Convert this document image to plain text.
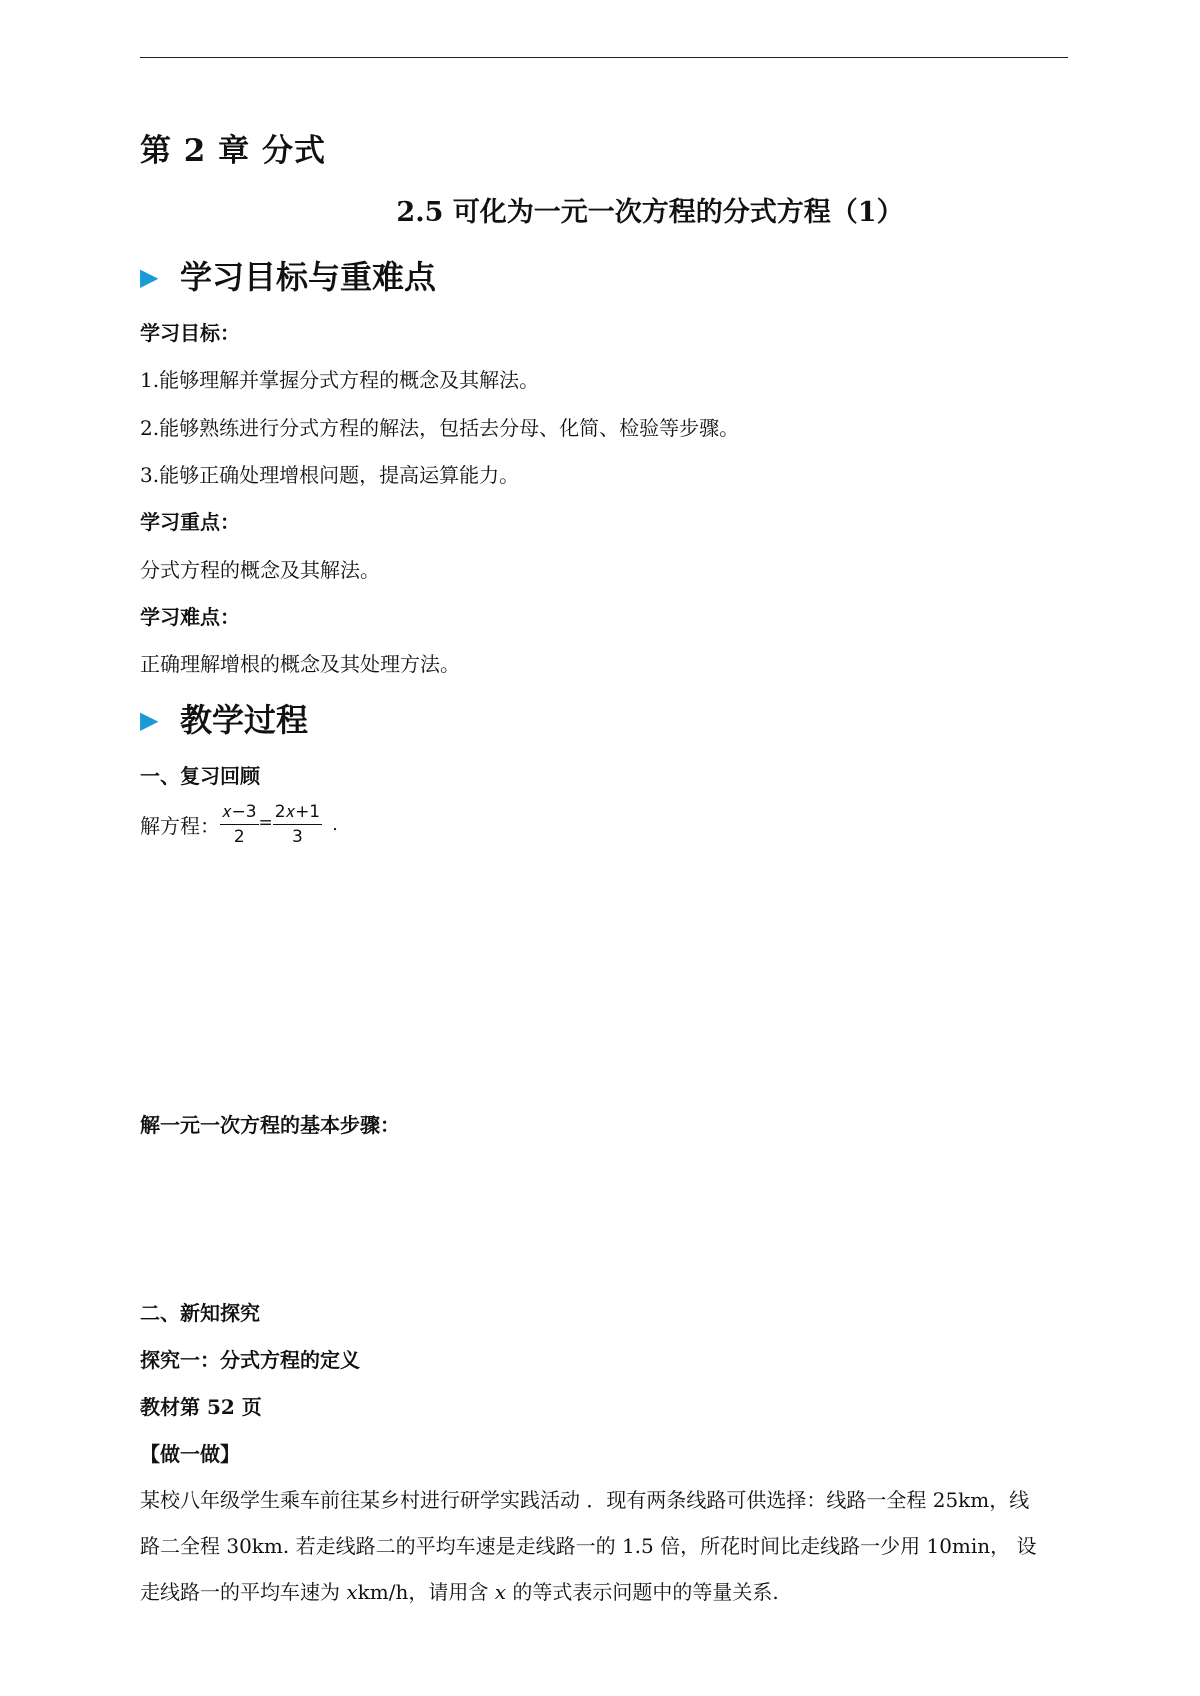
第 2 章 分式
2.5 可化为一元一次方程的分式方程（1）
▶ 学习目标与重难点
学习目标：
1.能够理解并掌握分式方程的概念及其解法。
2.能够熟练进行分式方程的解法，包括去分母、化简、检验等步骤。
3.能够正确处理增根问题，提高运算能力。
学习重点：
分式方程的概念及其解法。
学习难点：
正确理解增根的概念及其处理方法。
▶ 教学过程
一、复习回顾
解方程： $\frac{\text{𝑥−3}}{2} = \frac{\text{2𝑥+1}}{3}$ .
解一元一次方程的基本步骤：
二、新知探究
探究一：分式方程的定义
教材第 52 页
【做一做】
某校八年级学生乘车前往某乡村进行研学实践活动 ．现有两条线路可供选择：线路一全程 25km，线
路二全程 30km. 若走线路二的平均车速是走线路一的 1.5 倍，所花时间比走线路一少用 10min， 设
走线路一的平均车速为 xkm/h，请用含 x 的等式表示问题中的等量关系.
